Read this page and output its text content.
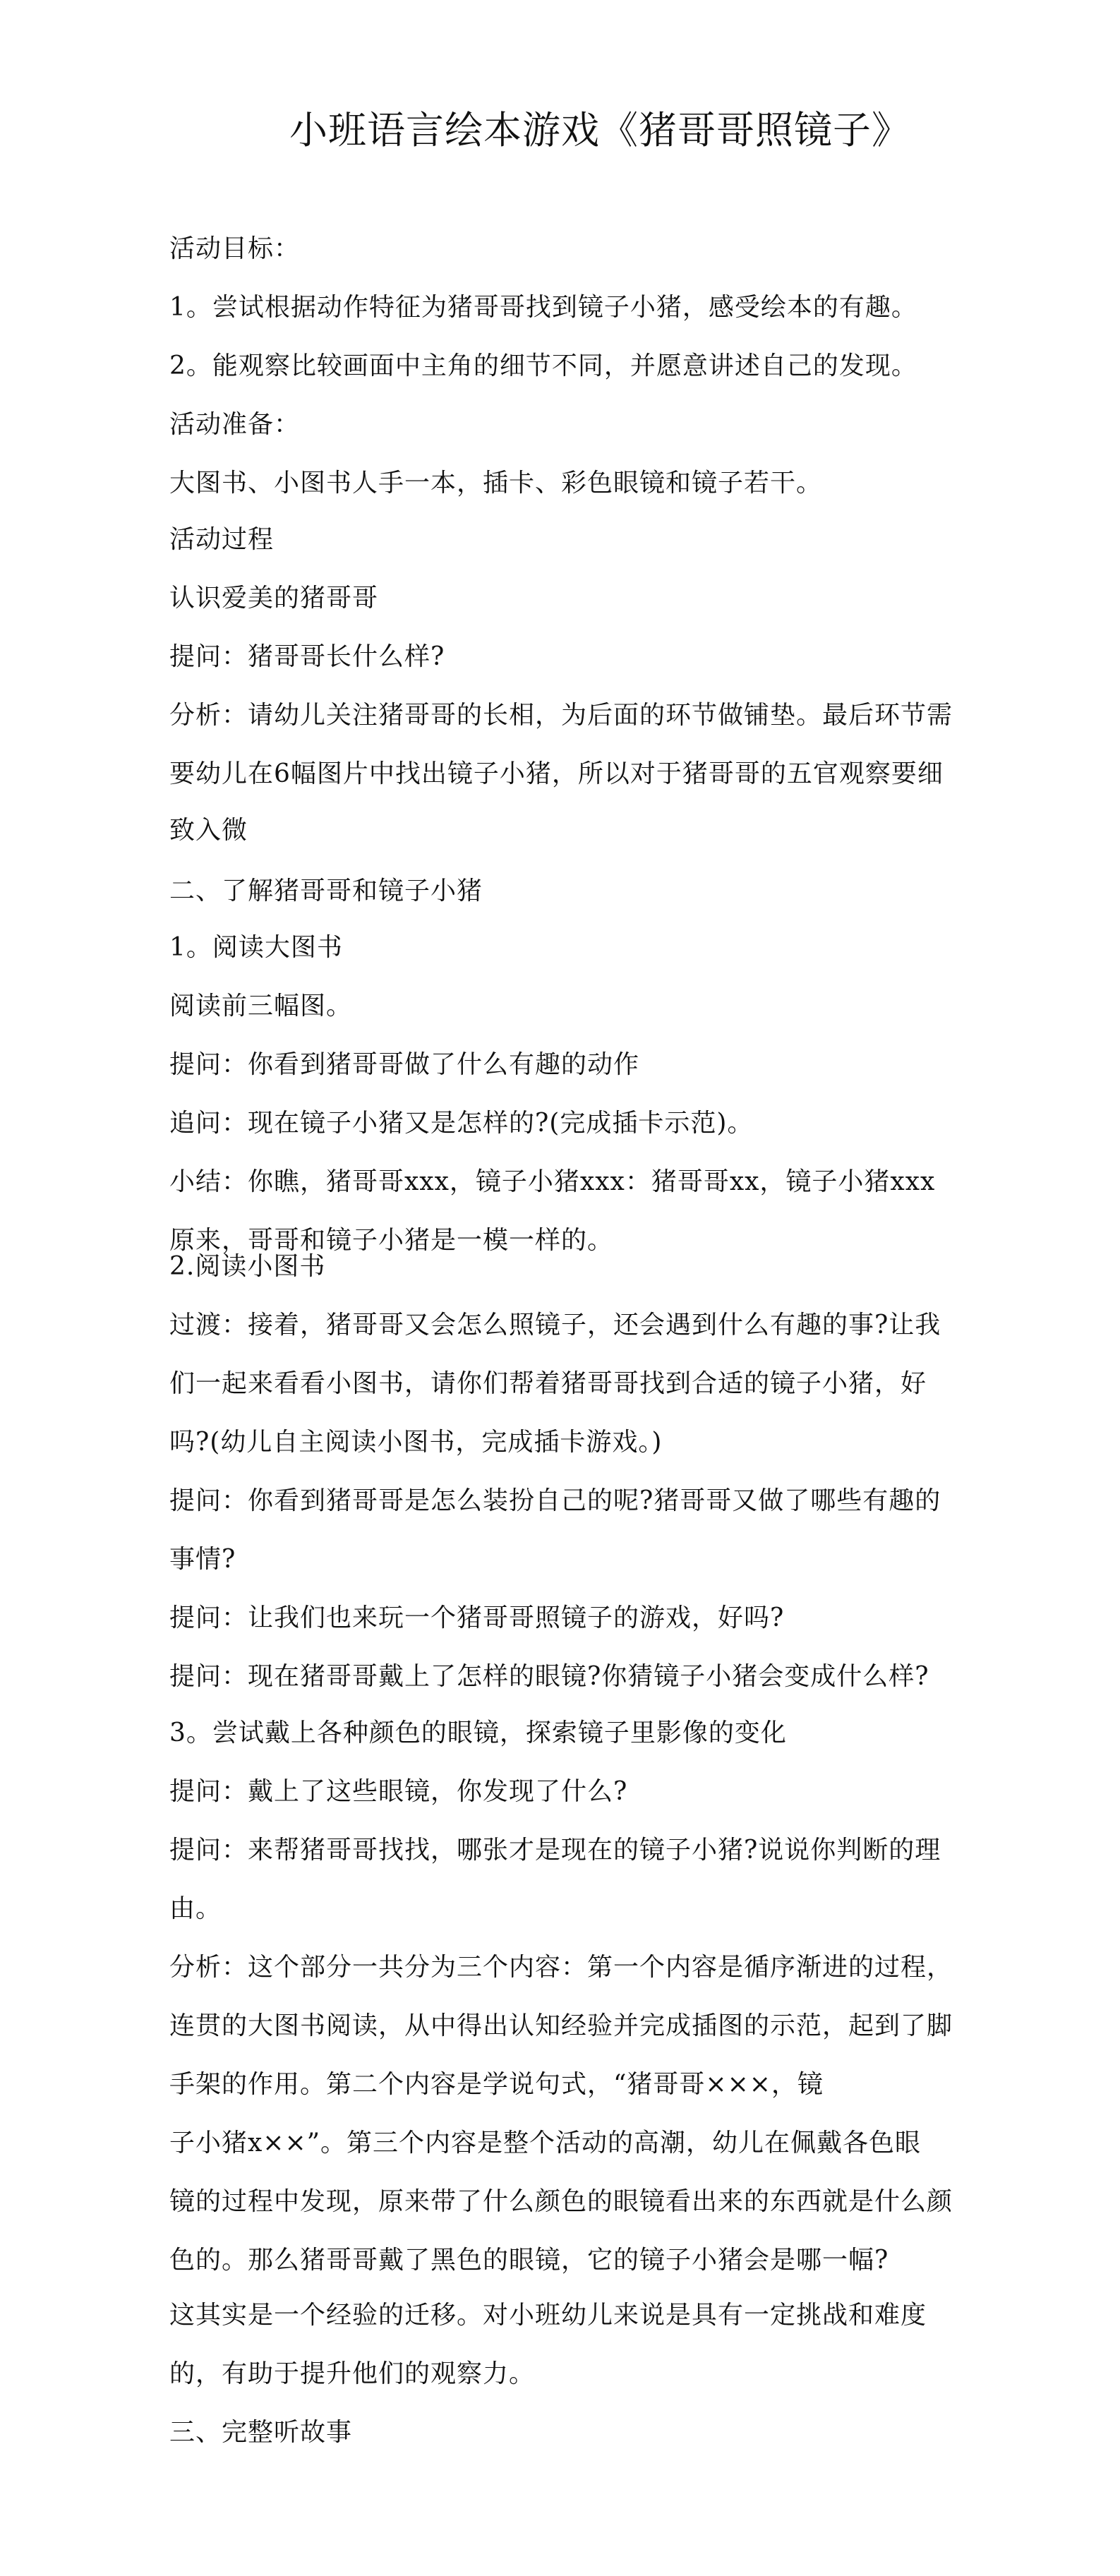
小班语言绘本游戏《猪哥哥照镜子》
活动目标：
1。尝试根据动作特征为猪哥哥找到镜子小猪，感受绘本的有趣。
2。能观察比较画面中主角的细节不同，并愿意讲述自己的发现。
活动准备：
大图书、小图书人手一本，插卡、彩色眼镜和镜子若干。
活动过程
认识爱美的猪哥哥
提问：猪哥哥长什么样?
分析：请幼儿关注猪哥哥的长相，为后面的环节做铺垫。最后环节需
要幼儿在6幅图片中找出镜子小猪，所以对于猪哥哥的五官观察要细
致入微
二、了解猪哥哥和镜子小猪
1。阅读大图书
阅读前三幅图。
提问：你看到猪哥哥做了什么有趣的动作
追问：现在镜子小猪又是怎样的?(完成插卡示范)。
小结：你瞧，猪哥哥xxx，镜子小猪xxx：猪哥哥xx，镜子小猪xxx
原来，哥哥和镜子小猪是一模一样的。
2.阅读小图书
过渡：接着，猪哥哥又会怎么照镜子，还会遇到什么有趣的事?让我
们一起来看看小图书，请你们帮着猪哥哥找到合适的镜子小猪，好
吗?(幼儿自主阅读小图书，完成插卡游戏。)
提问：你看到猪哥哥是怎么装扮自己的呢?猪哥哥又做了哪些有趣的
事情?
提问：让我们也来玩一个猪哥哥照镜子的游戏，好吗?
提问：现在猪哥哥戴上了怎样的眼镜?你猜镜子小猪会变成什么样?
3。尝试戴上各种颜色的眼镜，探索镜子里影像的变化
提问：戴上了这些眼镜，你发现了什么?
提问：来帮猪哥哥找找，哪张才是现在的镜子小猪?说说你判断的理
由。
分析：这个部分一共分为三个内容：第一个内容是循序渐进的过程，
连贯的大图书阅读，从中得出认知经验并完成插图的示范，起到了脚
手架的作用。第二个内容是学说句式，“猪哥哥×××，镜
子小猪x××”。第三个内容是整个活动的高潮，幼儿在佩戴各色眼
镜的过程中发现，原来带了什么颜色的眼镜看出来的东西就是什么颜
色的。那么猪哥哥戴了黑色的眼镜，它的镜子小猪会是哪一幅?
这其实是一个经验的迁移。对小班幼儿来说是具有一定挑战和难度
的，有助于提升他们的观察力。
三、完整听故事
